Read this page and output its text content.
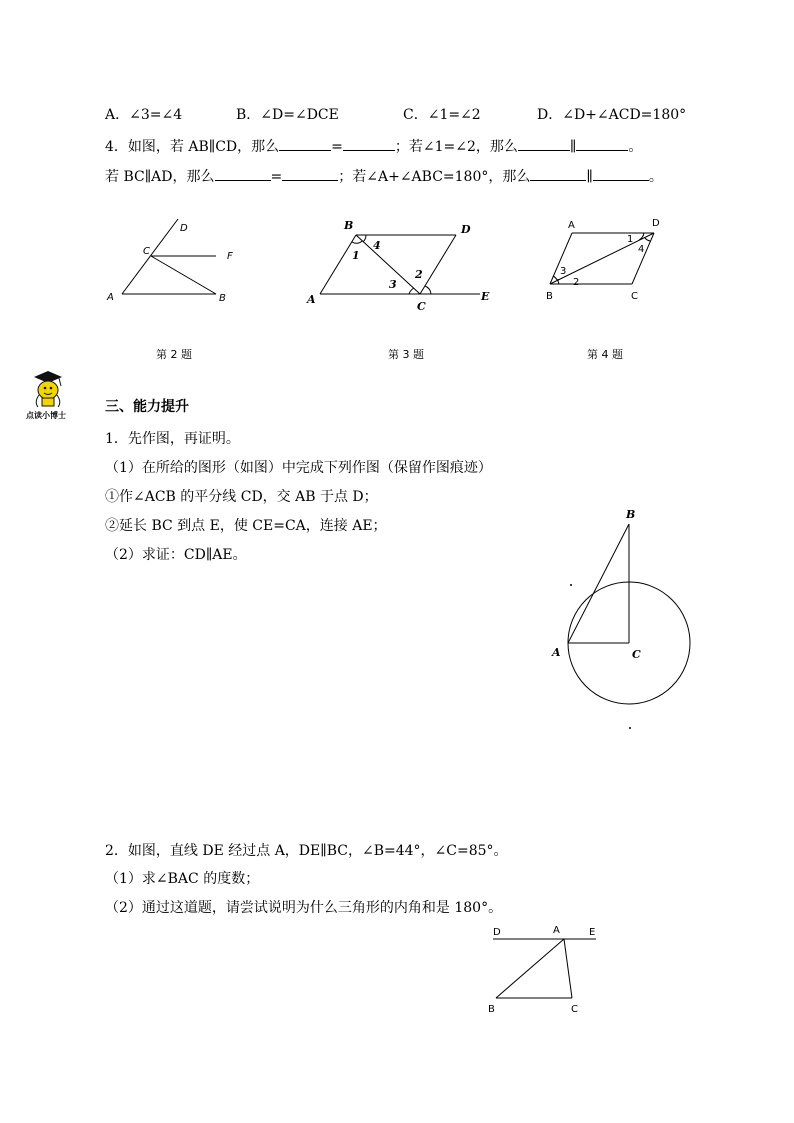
A．∠3=∠4	B．∠D=∠DCE	C．∠1=∠2	D．∠D+∠ACD=180°
4．如图，若 AB∥CD，那么	=	；若∠1=∠2，那么	∥	。
若 BC∥AD，那么	=	；若∠A+∠ABC=180°，那么	∥	。
D
C	F
A	B
B	D
A
C
E
1
4
3
2
A	D
B	C
1
4
2
3
B
A	C
D	A	E
B	C
第 2 题	第 3 题	第 4 题
点读小博士
三、能力提升
1．先作图，再证明。
（1）在所给的图形（如图）中完成下列作图（保留作图痕迹）
①作∠ACB 的平分线 CD，交 AB 于点 D；
②延长 BC 到点 E，使 CE=CA，连接 AE；
（2）求证：CD∥AE。
2．如图，直线 DE 经过点 A，DE∥BC，∠B=44°，∠C=85°。
（1）求∠BAC 的度数；
（2）通过这道题，请尝试说明为什么三角形的内角和是 180°。
